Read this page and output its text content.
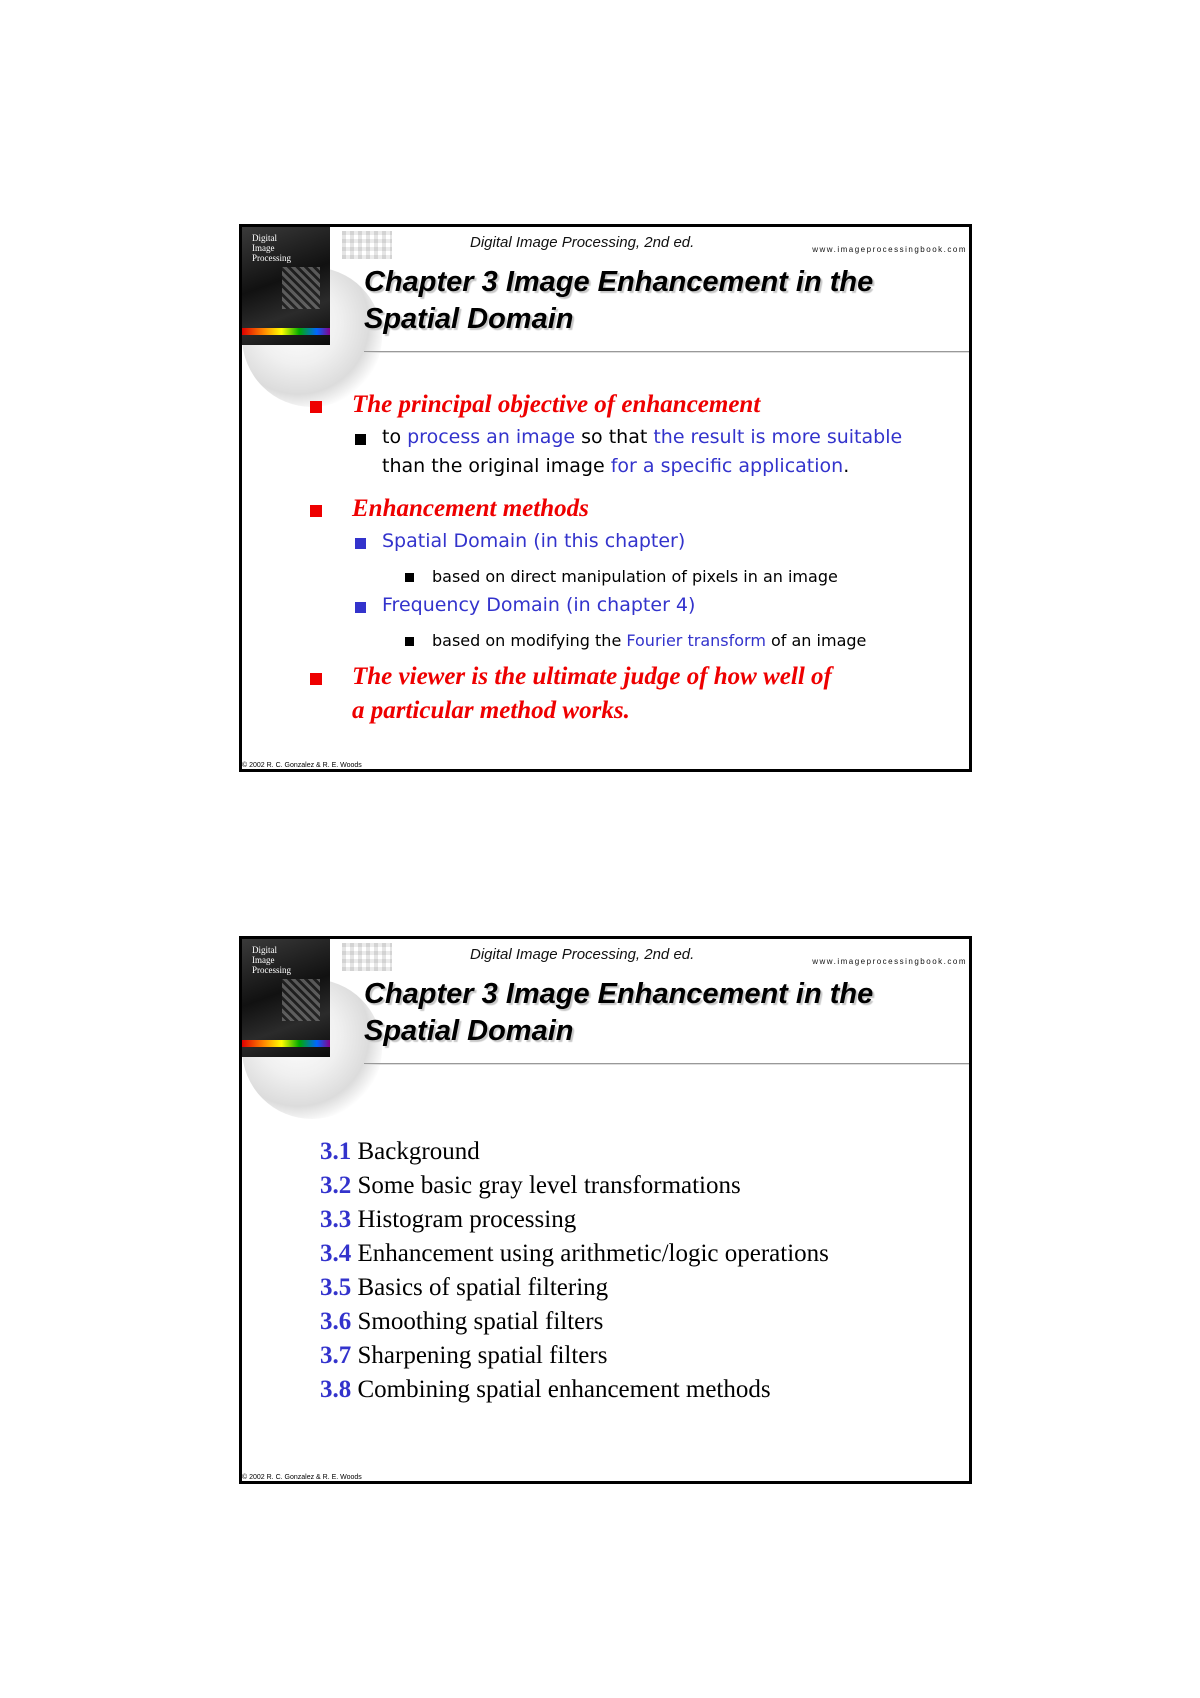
Digital
Image
Processing
Digital Image Processing, 2nd ed.	www.imageprocessingbook.com
Chapter 3 Image Enhancement in the
Spatial Domain
The principal objective of enhancement
to process an image so that the result is more suitable
than the original image for a specific application.
Enhancement methods
Spatial Domain (in this chapter)
based on direct manipulation of pixels in an image
Frequency Domain (in chapter 4)
based on modifying the Fourier transform of an image
The viewer is the ultimate judge of how well of
a particular method works.
© 2002 R. C. Gonzalez & R. E. Woods
Digital
Image
Processing
Digital Image Processing, 2nd ed.	www.imageprocessingbook.com
Chapter 3 Image Enhancement in the
Spatial Domain
3.1 Background
3.2 Some basic gray level transformations
3.3 Histogram processing
3.4 Enhancement using arithmetic/logic operations
3.5 Basics of spatial filtering
3.6 Smoothing spatial filters
3.7 Sharpening spatial filters
3.8 Combining spatial enhancement methods
© 2002 R. C. Gonzalez & R. E. Woods
